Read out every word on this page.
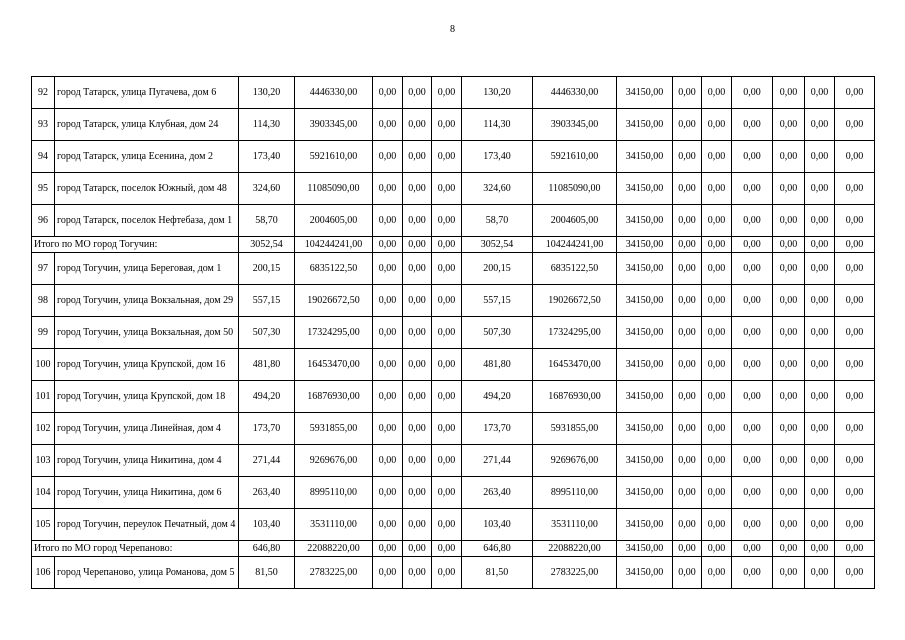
8
92	город Татарск, улица Пугачева, дом 6	130,20	4446330,00	0,00	0,00	0,00	130,20	4446330,00	34150,00	0,00	0,00	0,00	0,00	0,00	0,00
93	город Татарск, улица Клубная, дом 24	114,30	3903345,00	0,00	0,00	0,00	114,30	3903345,00	34150,00	0,00	0,00	0,00	0,00	0,00	0,00
94	город Татарск, улица Есенина, дом 2	173,40	5921610,00	0,00	0,00	0,00	173,40	5921610,00	34150,00	0,00	0,00	0,00	0,00	0,00	0,00
95	город Татарск, поселок Южный, дом 48	324,60	11085090,00	0,00	0,00	0,00	324,60	11085090,00	34150,00	0,00	0,00	0,00	0,00	0,00	0,00
96	город Татарск, поселок Нефтебаза, дом 1	58,70	2004605,00	0,00	0,00	0,00	58,70	2004605,00	34150,00	0,00	0,00	0,00	0,00	0,00	0,00
Итого по МО город Тогучин:		3052,54	104244241,00	0,00	0,00	0,00	3052,54	104244241,00	34150,00	0,00	0,00	0,00	0,00	0,00	0,00
97	город Тогучин, улица Береговая, дом 1	200,15	6835122,50	0,00	0,00	0,00	200,15	6835122,50	34150,00	0,00	0,00	0,00	0,00	0,00	0,00
98	город Тогучин, улица Вокзальная, дом 29	557,15	19026672,50	0,00	0,00	0,00	557,15	19026672,50	34150,00	0,00	0,00	0,00	0,00	0,00	0,00
99	город Тогучин, улица Вокзальная, дом 50	507,30	17324295,00	0,00	0,00	0,00	507,30	17324295,00	34150,00	0,00	0,00	0,00	0,00	0,00	0,00
100	город Тогучин, улица Крупской, дом 16	481,80	16453470,00	0,00	0,00	0,00	481,80	16453470,00	34150,00	0,00	0,00	0,00	0,00	0,00	0,00
101	город Тогучин, улица Крупской, дом 18	494,20	16876930,00	0,00	0,00	0,00	494,20	16876930,00	34150,00	0,00	0,00	0,00	0,00	0,00	0,00
102	город Тогучин, улица Линейная, дом 4	173,70	5931855,00	0,00	0,00	0,00	173,70	5931855,00	34150,00	0,00	0,00	0,00	0,00	0,00	0,00
103	город Тогучин, улица Никитина, дом 4	271,44	9269676,00	0,00	0,00	0,00	271,44	9269676,00	34150,00	0,00	0,00	0,00	0,00	0,00	0,00
104	город Тогучин, улица Никитина, дом 6	263,40	8995110,00	0,00	0,00	0,00	263,40	8995110,00	34150,00	0,00	0,00	0,00	0,00	0,00	0,00
105	город Тогучин, переулок Печатный, дом 4	103,40	3531110,00	0,00	0,00	0,00	103,40	3531110,00	34150,00	0,00	0,00	0,00	0,00	0,00	0,00
Итого по МО город Черепаново:		646,80	22088220,00	0,00	0,00	0,00	646,80	22088220,00	34150,00	0,00	0,00	0,00	0,00	0,00	0,00
106	город Черепаново, улица Романова, дом 5	81,50	2783225,00	0,00	0,00	0,00	81,50	2783225,00	34150,00	0,00	0,00	0,00	0,00	0,00	0,00
